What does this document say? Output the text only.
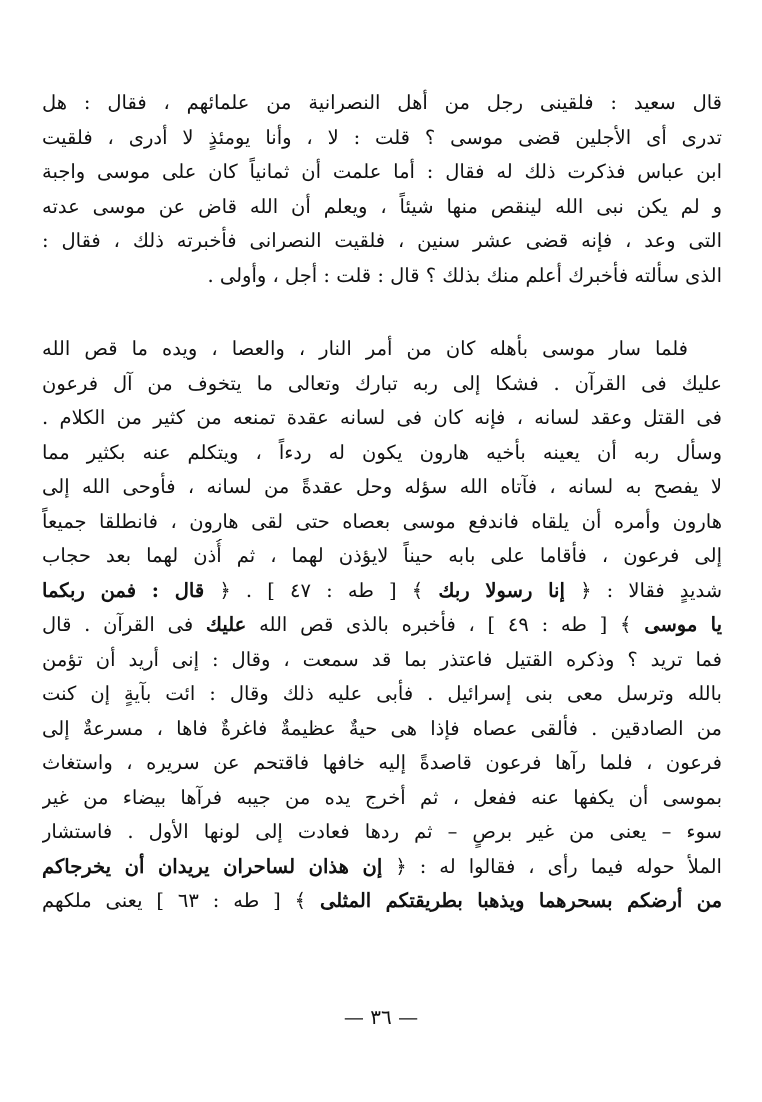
قال سعيد : فلقينى رجل من أهل النصرانية من علمائهم ، فقال : هل
تدرى أى الأجلين قضى موسى ؟ قلت : لا ، وأنا يومئذٍ لا أدرى ، فلقيت
ابن عباس فذكرت ذلك له فقال : أما علمت أن ثمانياً كان على موسى واجبة
و لم يكن نبى الله لينقص منها شيئاً ، ويعلم أن الله قاض عن موسى عدته
التى وعد ، فإنه قضى عشر سنين ، فلقيت النصرانى فأخبرته ذلك ، فقال :
الذى سألته فأخبرك أعلم منك بذلك ؟ قال : قلت : أجل ، وأولى .
فلما سار موسى بأهله كان من أمر النار ، والعصا ، ويده ما قص الله
عليك فى القرآن . فشكا إلى ربه تبارك وتعالى ما يتخوف من آل فرعون
فى القتل وعقد لسانه ، فإنه كان فى لسانه عقدة تمنعه من كثير من الكلام .
وسأل ربه أن يعينه بأخيه هارون يكون له ردءاً ، ويتكلم عنه بكثير مما
لا يفصح به لسانه ، فآتاه الله سؤله وحل عقدةً من لسانه ، فأوحى الله إلى
هارون وأمره أن يلقاه فاندفع موسى بعصاه حتى لقى هارون ، فانطلقا جميعاً
إلى فرعون ، فأقاما على بابه حيناً لايؤذن لهما ، ثم أُذن لهما بعد حجاب
شديدٍ فقالا : ﴿ إنا رسولا ربك ﴾ [ طه : ٤٧ ] . ﴿ قال : فمن ربكما
يا موسى ﴾ [ طه : ٤٩ ] ، فأخبره بالذى قص الله عليك فى القرآن . قال
فما تريد ؟ وذكره القتيل فاعتذر بما قد سمعت ، وقال : إنى أريد أن تؤمن
بالله وترسل معى بنى إسرائيل . فأبى عليه ذلك وقال : ائت بآيةٍ إن كنت
من الصادقين . فألقى عصاه فإذا هى حيةٌ عظيمةٌ فاغرةٌ فاها ، مسرعةٌ إلى
فرعون ، فلما رآها فرعون قاصدةً إليه خافها فاقتحم عن سريره ، واستغاث
بموسى أن يكفها عنه ففعل ، ثم أخرج يده من جيبه فرآها بيضاء من غير
سوء – يعنى من غير برصٍ – ثم ردها فعادت إلى لونها الأول . فاستشار
الملأ حوله فيما رأى ، فقالوا له : ﴿ إن هذان لساحران يريدان أن يخرجاكم
من أرضكم بسحرهما ويذهبا بطريقتكم المثلى ﴾ [ طه : ٦٣ ] يعنى ملكهم
— ٣٦ —
